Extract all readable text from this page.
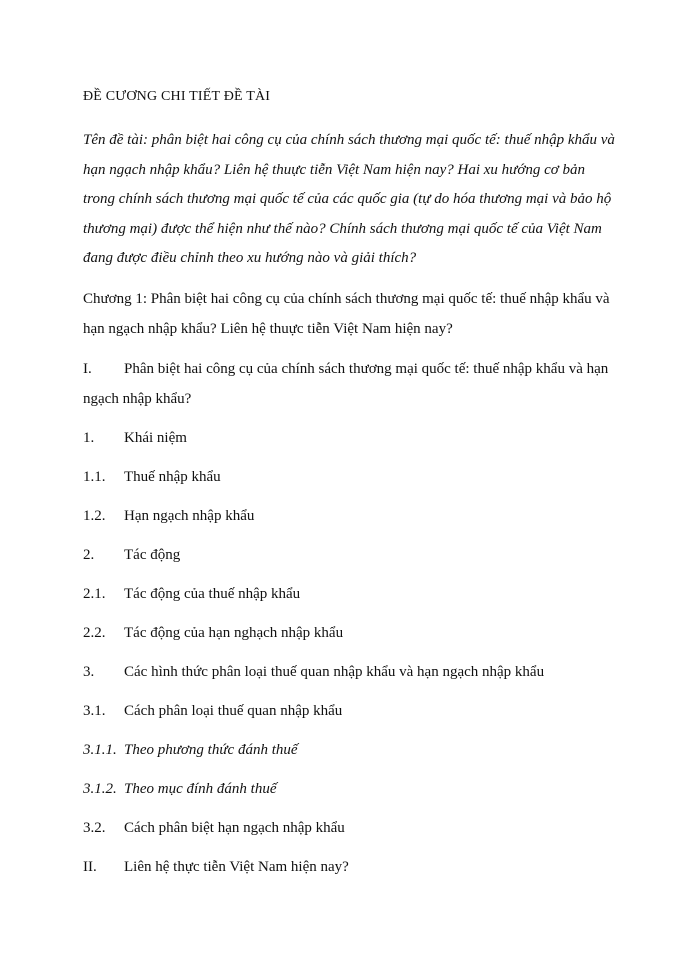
ĐỀ CƯƠNG CHI TIẾT ĐỀ TÀI
Tên đề tài: phân biệt hai công cụ của chính sách thương mại quốc tế: thuế nhập khẩu và hạn ngạch nhập khẩu? Liên hệ thuực tiễn Việt Nam hiện nay? Hai xu hướng cơ bản trong chính sách thương mại quốc tế của các quốc gia (tự do hóa thương mại và bảo hộ thương mại) được thể hiện như thế nào? Chính sách thương mại quốc tế của Việt Nam đang được điều chỉnh theo xu hướng nào và giải thích?
Chương 1: Phân biệt hai công cụ của chính sách thương mại quốc tế: thuế nhập khẩu và hạn ngạch nhập khẩu? Liên hệ thuực tiễn Việt Nam hiện nay?
I. Phân biệt hai công cụ của chính sách thương mại quốc tế: thuế nhập khẩu và hạn ngạch nhập khẩu?
1. Khái niệm
1.1. Thuế nhập khẩu
1.2. Hạn ngạch nhập khẩu
2. Tác động
2.1. Tác động của thuế nhập khẩu
2.2. Tác động của hạn nghạch nhập khẩu
3. Các hình thức phân loại thuế quan nhập khẩu và hạn ngạch nhập khẩu
3.1. Cách phân loại thuế quan nhập khẩu
3.1.1. Theo phương thức đánh thuế
3.1.2. Theo mục đính đánh thuế
3.2. Cách phân biệt hạn ngạch nhập khẩu
II. Liên hệ thực tiễn Việt Nam hiện nay?
